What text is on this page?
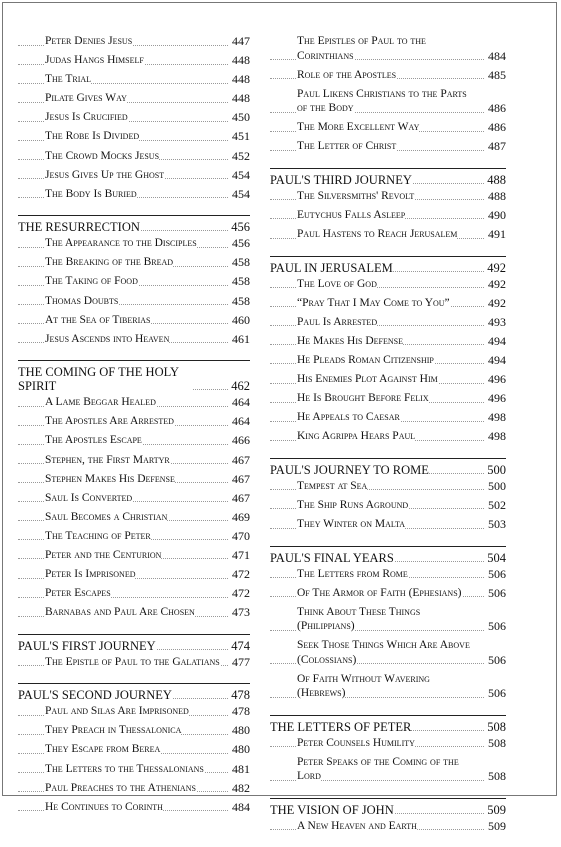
Peter Denies Jesus	447
Judas Hangs Himself	448
The Trial	448
Pilate Gives Way	448
Jesus Is Crucified	450
The Robe Is Divided	451
The Crowd Mocks Jesus	452
Jesus Gives Up the Ghost	454
The Body Is Buried	454
THE RESURRECTION	456
The Appearance to the Disciples	456
The Breaking of the Bread	458
The Taking of Food	458
Thomas Doubts	458
At the Sea of Tiberias	460
Jesus Ascends into Heaven	461
THE COMING OF THE HOLY SPIRIT	462
A Lame Beggar Healed	464
The Apostles Are Arrested	464
The Apostles Escape	466
Stephen, the First Martyr	467
Stephen Makes His Defense	467
Saul Is Converted	467
Saul Becomes a Christian	469
The Teaching of Peter	470
Peter and the Centurion	471
Peter Is Imprisoned	472
Peter Escapes	472
Barnabas and Paul Are Chosen	473
PAUL'S FIRST JOURNEY	474
The Epistle of Paul to the Galatians 477
PAUL'S SECOND JOURNEY	478
Paul and Silas Are Imprisoned	478
They Preach in Thessalonica	480
They Escape from Berea	480
The Letters to the Thessalonians 481
Paul Preaches to the Athenians	482
He Continues to Corinth	484
The Epistles of Paul to the Corinthians	484
Role of the Apostles	485
Paul Likens Christians to the Parts of the Body	486
The More Excellent Way	486
The Letter of Christ	487
PAUL'S THIRD JOURNEY	488
The Silversmiths' Revolt	488
Eutychus Falls Asleep	490
Paul Hastens to Reach Jerusalem	491
PAUL IN JERUSALEM	492
The Love of God	492
“Pray That I May Come to You”	492
Paul Is Arrested	493
He Makes His Defense	494
He Pleads Roman Citizenship	494
His Enemies Plot Against Him	496
He Is Brought Before Felix	496
He Appeals to Caesar	498
King Agrippa Hears Paul	498
PAUL'S JOURNEY TO ROME	500
Tempest at Sea	500
The Ship Runs Aground	502
They Winter on Malta	503
PAUL'S FINAL YEARS	504
The Letters from Rome	506
Of The Armor of Faith (Ephesians) 506
Think About These Things (Philippians)	506
Seek Those Things Which Are Above (Colossians)	506
Of Faith Without Wavering (Hebrews)	506
THE LETTERS OF PETER	508
Peter Counsels Humility	508
Peter Speaks of the Coming of the Lord	508
THE VISION OF JOHN	509
A New Heaven and Earth	509
